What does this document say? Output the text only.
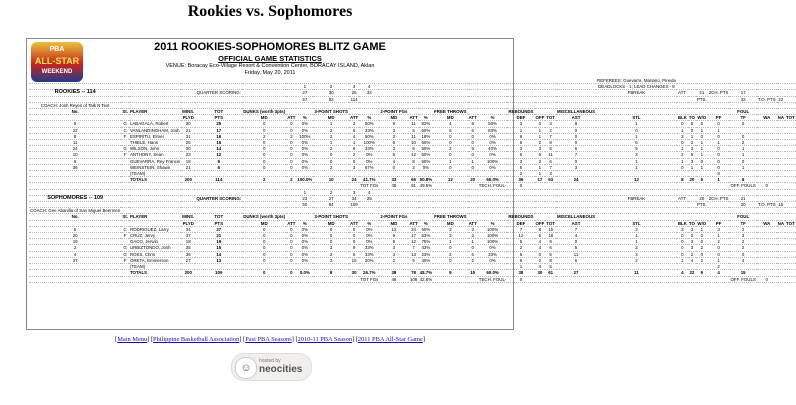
Rookies vs. Sophomores
PBA
ALL-STAR
WEEKEND
2011 ROOKIES-SOPHOMORES BLITZ GAME
OFFICIAL GAME STATISTICS
VENUE: Boracay Eco-Village Resort & Convention Center, BORACAY ISLAND, Aklan
Friday, May 20, 2011
																					REFEREES: Guevarra, Mariano, Pineda								
							1	2	3	4											DEADLOCKS - 1; LEAD CHANGES - 8								
ROOKIES -- 114				QUARTER SCORING:			27	30	25	32											FBREAK	ATT.		21	2CH. PTS	17			
							57	82	114															PTS.		32	T.O. PTS	22	
COACH: Josh Reyes of Talk N Text																													
No.	St.	PLAYER	MINS.	TOT	DUNKS (worth 3pts)			3-POINT SHOTS			2-POINT FGs			FREE THROWS			REBOUNDS			MISCELLANEOUS						FOUL			
			PLYD	PTS	MD	ATT	%	MD	ATT	%	MD	ATT	%	MD	ATT	%	DEF	OFF	TOT	AST	STL	BLK	TO	W/O	PF	TF	WA	NA	TOT
9	G	LABAGALA, Robert	30	25	0	0	0%	1	2	50%	9	11	82%	4	8	50%	3	0	3	8	1	0	5	0	0	0			
22	C	VANLANDINGHAM, Josh	21	17	0	0	0%	2	6	33%	3	5	60%	5	6	83%	1	1	2	0	0	1	0	1	1				
8	F	ESPIRITU, Elmer	31	16	2	2	100%	2	4	50%	2	11	18%	0	0	0%	6	1	7	0	1	3	1	0	0	0			
11		THIELE, Hans	26	15	0	0	0%	1	1	100%	6	10	60%	0	0	0%	6	2	8	0	5	0	2	1	1	2			
24	G	WILSON, John	30	14	0	0	0%	2	6	33%	3	6	50%	2	5	40%	3	3	6	6	5	1	3	1	0	1			
10	F	ANTHONY, Sean	23	12	0	0	0%	0	2	0%	6	12	50%	0	0	0%	6	5	11	7	3	2	5	1	0	1			
6		GUEVARRA, Rey Francis	18	9	0	0	0%	0	0	0%	4	8	50%	1	1	100%	3	3	6	0	1	1	3	0	0	0			
36		WEINSTEIN, Shawn	21	6	0	0	0%	2	3	67%	0	2	0%	0	0	0%	6	1	7	3	1	0	1	1	0	1			
		(TEAM)															2	1	3						8				
		TOTALS	200	114	2	2	100.0%	10	24	41.7%	33	65	50.8%	12	20	60.0%	36	17	53	24	12	8	20	5	1	6			
										TOT FGs	45	91	49.5%			TECH. FOUL-	0									OFF. FOULS	0		
							1	2	3	4																			
SOPHOMORES -- 109				QUARTER SCORING:			23	27	34	25											FBREAK	ATT.		20	2CH. PTS	21			
							50	84	109															PTS.		20	T.O. PTS	15	
COACH: Gee Abanilla of San Miguel Beermen																													
No.	St.	PLAYER	MINS.	TOT	DUNKS (worth 3pts)			3-POINT SHOTS			2-POINT FGs			FREE THROWS			REBOUNDS			MISCELLANEOUS						FOUL			
			PLYD	PTS	MD	ATT	%	MD	ATT	%	MD	ATT	%	MD	ATT	%	DEF	OFF	TOT	AST	STL	BLK	TO	W/O	PF	TF	WA	NA	TOT
5	C	RODRIGUEZ, Larry	34	27	0	0	0%	0	0	0%	12	24	50%	3	3	100%	7	8	15	7	3	3	3	1	3	2			
20	F	CRUZ, Jervy	37	21	0	0	0%	0	0	0%	9	17	53%	3	3	100%	12	6	18	4	1	0	0	0	1	3			
19		GACO, Jerwin	18	19	0	0	0%	0	0	0%	9	12	75%	1	1	100%	5	4	9	0	1	0	3	0	2	2			
2	G	URBIZTONDO, Josh	35	15	0	0	0%	3	9	33%	3	7	43%	0	0	0%	2	4	6	5	2	0	3	2	0	2			
4	G	ROSS, Chris	36	14	0	0	0%	2	6	33%	3	13	23%	2	6	33%	5	0	5	11	3	0	2	0	0	0			
27	F	ORETA, Emmerson	27	13	0	0	0%	3	15	20%	2	5	40%	0	2	0%	6	2	8	6	2	1	4	2	1	4			
		(TEAM)															1	4	5						2				
		TOTALS	200	109	0	0	0.0%	8	30	26.7%	38	78	48.7%	9	15	60.0%	38	30	61	27	11	4	22	9	4	15			
										TOT FGs	46	108	42.6%			TECH. FOUL-	0									OFF. FOULS	0		
[Main Menu] [Philippine Basketball Association] [Past PBA Seasons] [2010-11 PBA Season] [2011 PBA All-Star Game]
☺
hosted by
neocities
